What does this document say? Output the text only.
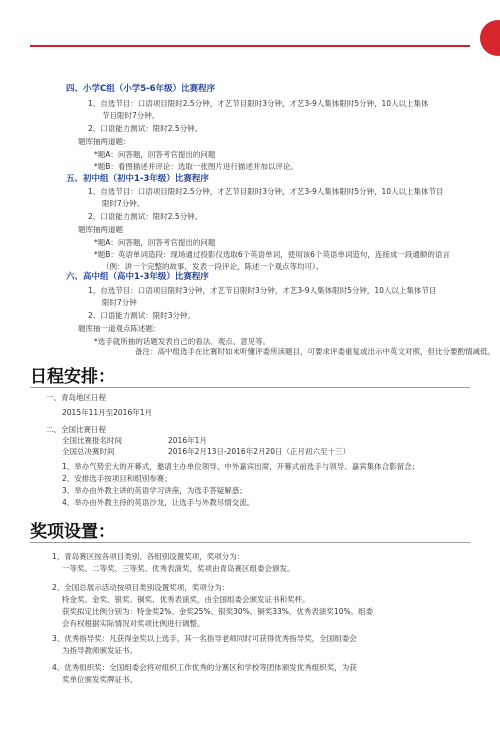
四、小学C组（小学5-6年级）比赛程序
1、自选节目：口语项目限时2.5分钟，才艺节目限时3分钟，才艺3-9人集体限时5分钟，10人以上集体
节目限时7分钟。
2、口语能力测试：限时2.5分钟。
题库抽两道题：
*题A：问答题，回答考官提出的问题
*题B：看图描述并评论：选取一张图片进行描述并加以评论。
五、初中组（初中1-3年级）比赛程序
1、自选节目：口语项目限时2.5分钟，才艺节目限时3分钟，才艺3-9人集体限时5分钟，10人以上集体节目
限时7分钟。
2、口语能力测试：限时2.5分钟。
题库抽两道题
*题A：问答题，回答考官提出的问题
*题B：英语单词造段：现场通过投影仪选取6个英语单词，使用该6个英语单词造句，连接成一段通顺的语言
（例：讲一个完整的故事，发表一段评论，陈述一个观点等均可）。
六、高中组（高中1-3年级）比赛程序
1、自选节目：口语项目限时3分钟，才艺节目限时3分钟，才艺3-9人集体限时5分钟，10人以上集体节目
限时7分钟
2、口语能力测试：限时3分钟。
题库抽一道观点陈述题：
*选手就所抽的话题发表自己的看法、观点、意见等。
备注：高中组选手在比赛时如未听懂评委所读题目，可要求评委重复或出示中英文对照，但比分要酌情减低。
日程安排：
一、青岛地区日程
2015年11月至2016年1月
二、全国比赛日程
全国比赛报名时间	2016年1月
全国总决赛时间	2016年2月13日-2016年2月20日（正月初六至十三）
1、举办气势宏大的开幕式，邀请主办单位领导、中外嘉宾出席，开幕式前选手与领导、嘉宾集体合影留念；
2、安排选手按项目和组别参赛；
3、举办由外教主讲的英语学习讲座，为选手答疑解惑；
4、举办由外教主持的英语沙龙，让选手与外教尽情交流。
奖项设置：
1、青岛赛区按各项目类别、各组别设置奖项，奖项分为：
一等奖、二等奖、三等奖、优秀表演奖，奖项由青岛赛区组委会颁发。
2、全国总展示活动按项目类别设置奖项，奖项分为：
特金奖、金奖、银奖、铜奖、优秀表演奖，由全国组委会颁发证书和奖杯。
获奖拟定比例分别为：特金奖2%、金奖25%、银奖30%、铜奖33%、优秀表演奖10%。组委
会有权根据实际情况对奖项比例进行调整。
3、优秀指导奖：凡获得金奖以上选手，其一名指导老师同时可获得优秀指导奖，全国组委会
为指导教师颁发证书。
4、优秀组织奖：全国组委会将对组织工作优秀的分赛区和学校等团体颁发优秀组织奖，为获
奖单位颁发奖牌证书。
